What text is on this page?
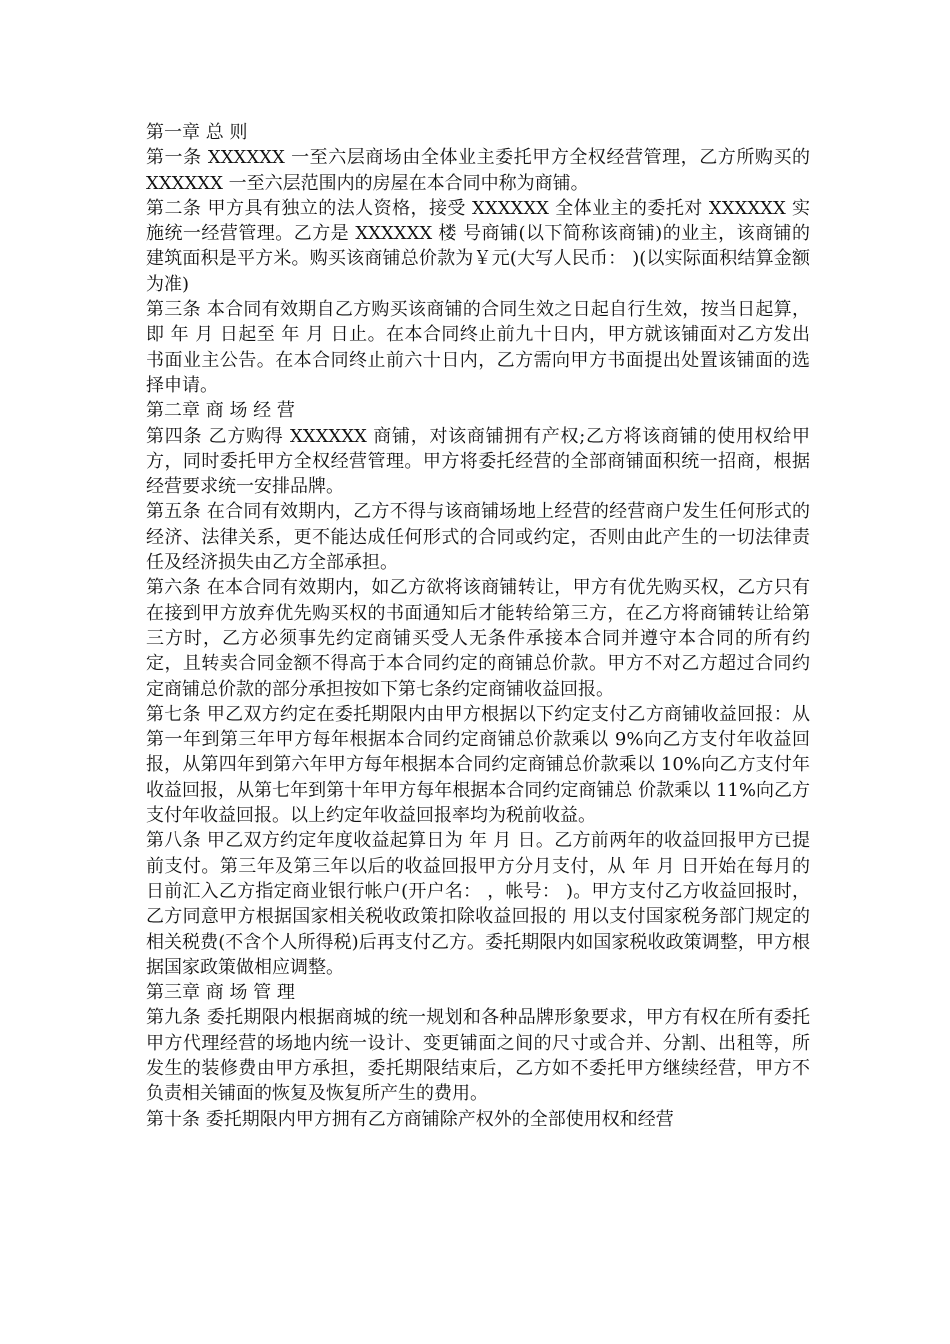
第一章 总 则

第一条 XXXXXX 一至六层商场由全体业主委托甲方全权经营管理，乙方所购买的 XXXXXX 一至六层范围内的房屋在本合同中称为商铺。

第二条 甲方具有独立的法人资格，接受 XXXXXX 全体业主的委托对 XXXXXX 实施统一经营管理。乙方是 XXXXXX 楼 号商铺(以下简称该商铺)的业主，该商铺的建筑面积是平方米。购买该商铺总价款为￥元(大写人民币： )(以实际面积结算金额为准)

第三条 本合同有效期自乙方购买该商铺的合同生效之日起自行生效，按当日起算，即 年 月 日起至 年 月 日止。在本合同终止前九十日内，甲方就该铺面对乙方发出书面业主公告。在本合同终止前六十日内，乙方需向甲方书面提出处置该铺面的选择申请。

第二章 商 场 经 营

第四条 乙方购得 XXXXXX 商铺，对该商铺拥有产权;乙方将该商铺的使用权给甲方，同时委托甲方全权经营管理。甲方将委托经营的全部商铺面积统一招商，根据经营要求统一安排品牌。

第五条 在合同有效期内，乙方不得与该商铺场地上经营的经营商户发生任何形式的经济、法律关系，更不能达成任何形式的合同或约定，否则由此产生的一切法律责任及经济损失由乙方全部承担。

第六条 在本合同有效期内，如乙方欲将该商铺转让，甲方有优先购买权，乙方只有在接到甲方放弃优先购买权的书面通知后才能转给第三方，在乙方将商铺转让给第三方时，乙方必须事先约定商铺买受人无条件承接本合同并遵守本合同的所有约定，且转卖合同金额不得高于本合同约定的商铺总价款。甲方不对乙方超过合同约定商铺总价款的部分承担按如下第七条约定商铺收益回报。

第七条 甲乙双方约定在委托期限内由甲方根据以下约定支付乙方商铺收益回报：从第一年到第三年甲方每年根据本合同约定商铺总价款乘以 9%向乙方支付年收益回报，从第四年到第六年甲方每年根据本合同约定商铺总价款乘以 10%向乙方支付年收益回报，从第七年到第十年甲方每年根据本合同约定商铺总 价款乘以 11%向乙方支付年收益回报。以上约定年收益回报率均为税前收益。

第八条 甲乙双方约定年度收益起算日为 年 月 日。乙方前两年的收益回报甲方已提前支付。第三年及第三年以后的收益回报甲方分月支付，从 年 月 日开始在每月的 日前汇入乙方指定商业银行帐户(开户名： ，帐号： )。甲方支付乙方收益回报时，乙方同意甲方根据国家相关税收政策扣除收益回报的 用以支付国家税务部门规定的相关税费(不含个人所得税)后再支付乙方。委托期限内如国家税收政策调整，甲方根据国家政策做相应调整。

第三章 商 场 管 理

第九条 委托期限内根据商城的统一规划和各种品牌形象要求，甲方有权在所有委托甲方代理经营的场地内统一设计、变更铺面之间的尺寸或合并、分割、出租等，所发生的装修费由甲方承担，委托期限结束后，乙方如不委托甲方继续经营，甲方不负责相关铺面的恢复及恢复所产生的费用。

第十条 委托期限内甲方拥有乙方商铺除产权外的全部使用权和经营
